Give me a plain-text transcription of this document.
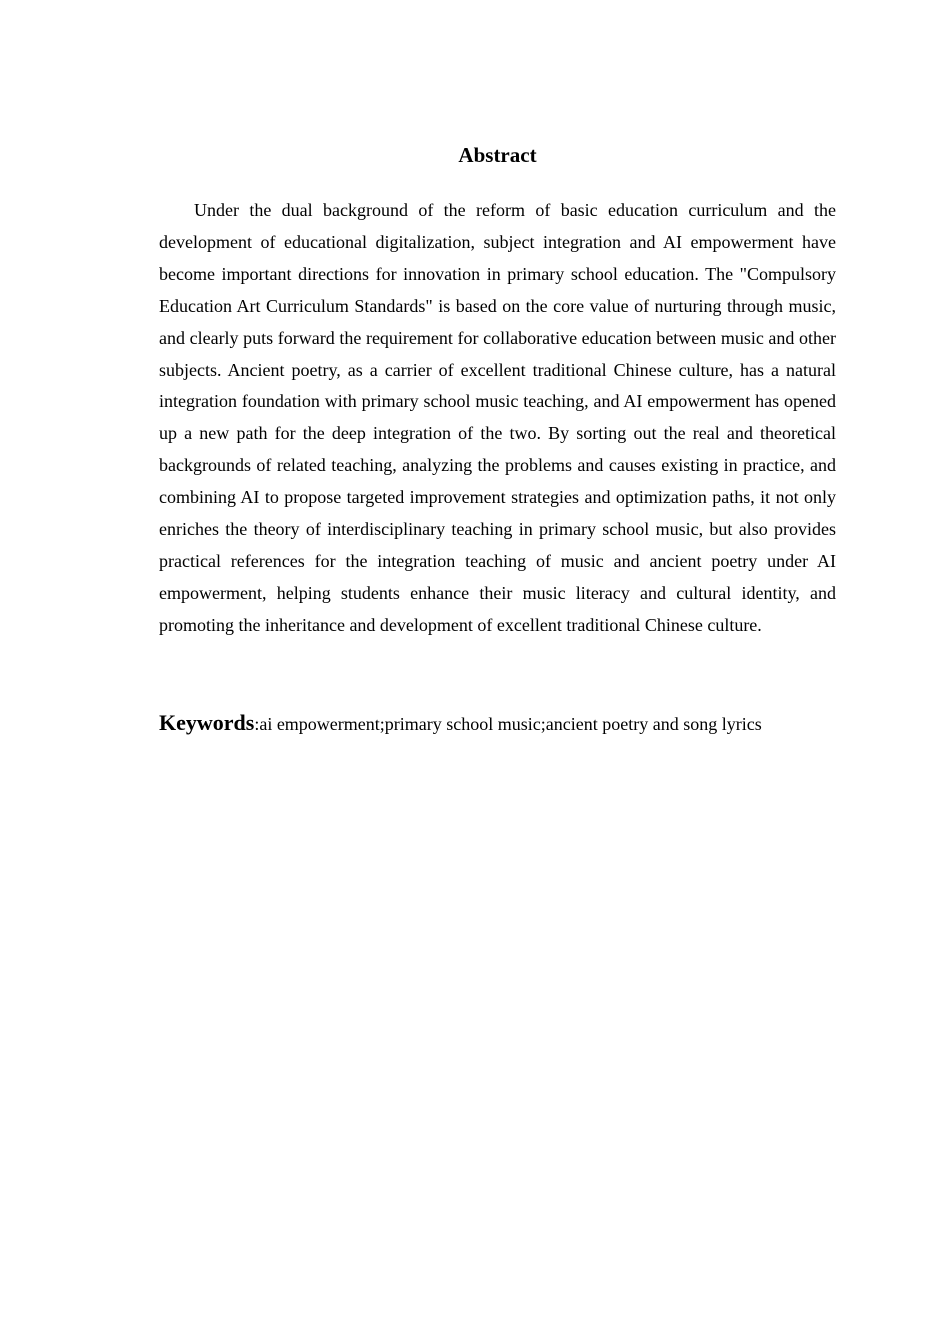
Abstract

Under the dual background of the reform of basic education curriculum and the development of educational digitalization, subject integration and AI empowerment have become important directions for innovation in primary school education. The "Compulsory Education Art Curriculum Standards" is based on the core value of nurturing through music, and clearly puts forward the requirement for collaborative education between music and other subjects. Ancient poetry, as a carrier of excellent traditional Chinese culture, has a natural integration foundation with primary school music teaching, and AI empowerment has opened up a new path for the deep integration of the two. By sorting out the real and theoretical backgrounds of related teaching, analyzing the problems and causes existing in practice, and combining AI to propose targeted improvement strategies and optimization paths, it not only enriches the theory of interdisciplinary teaching in primary school music, but also provides practical references for the integration teaching of music and ancient poetry under AI empowerment, helping students enhance their music literacy and cultural identity, and promoting the inheritance and development of excellent traditional Chinese culture.

Keywords:ai empowerment;primary school music;ancient poetry and song lyrics
